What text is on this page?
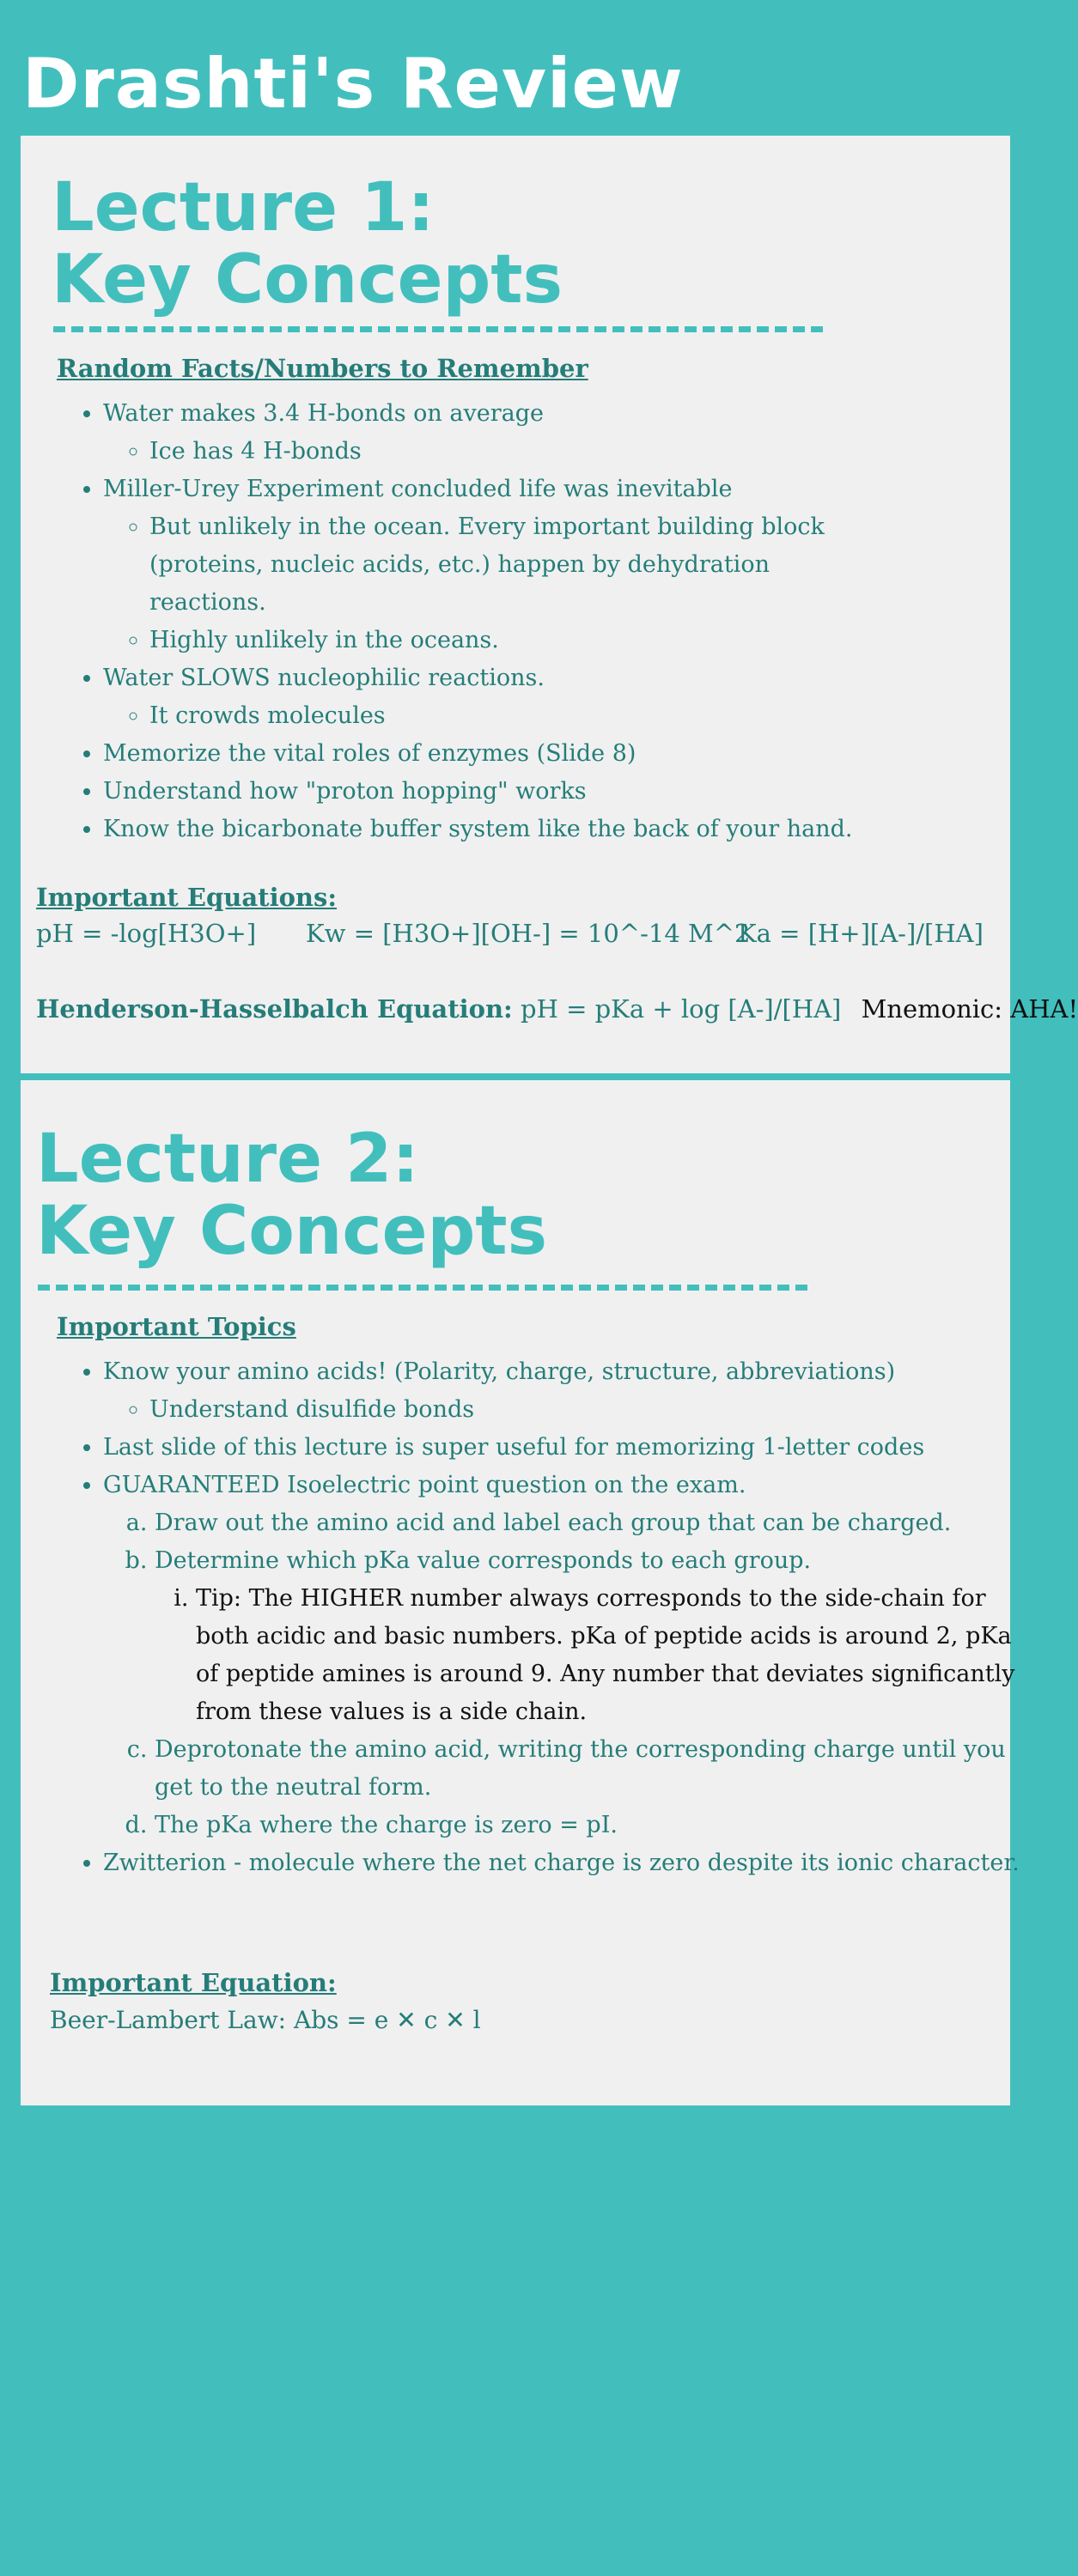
Drashti's Review
Lecture 1:
Key Concepts
Random Facts/Numbers to Remember
• Water makes 3.4 H-bonds on average
◦ Ice has 4 H-bonds
• Miller-Urey Experiment concluded life was inevitable
◦ But unlikely in the ocean. Every important building block (proteins, nucleic acids, etc.) happen by dehydration reactions.
◦ Highly unlikely in the oceans.
• Water SLOWS nucleophilic reactions.
◦ It crowds molecules
• Memorize the vital roles of enzymes (Slide 8)
• Understand how "proton hopping" works
• Know the bicarbonate buffer system like the back of your hand.
Important Equations:
pH = -log[H3O+] Kw = [H3O+][OH-] = 10^-14 M^2
Ka = [H+][A-]/[HA]
Henderson-Hasselbalch Equation: pH = pKa + log [A-]/[HA] Mnemonic: AHA!
Lecture 2:
Key Concepts
Important Topics
• Know your amino acids! (Polarity, charge, structure, abbreviations)
◦ Understand disulfide bonds
• Last slide of this lecture is super useful for memorizing 1-letter codes
• GUARANTEED Isoelectric point question on the exam.
a. Draw out the amino acid and label each group that can be charged.
b. Determine which pKa value corresponds to each group.
i. Tip: The HIGHER number always corresponds to the side-chain for both acidic and basic numbers. pKa of peptide acids is around 2, pKa of peptide amines is around 9. Any number that deviates significantly from these values is a side chain.
c. Deprotonate the amino acid, writing the corresponding charge until you get to the neutral form.
d. The pKa where the charge is zero = pI.
• Zwitterion - molecule where the net charge is zero despite its ionic character.
Important Equation:
Beer-Lambert Law: Abs = e ✕ c ✕ l
